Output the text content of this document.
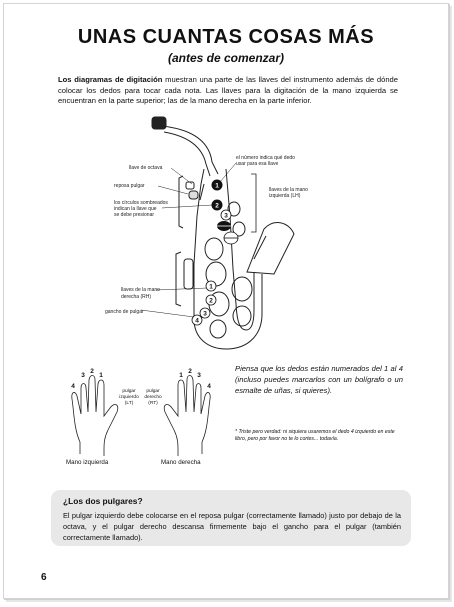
UNAS CUANTAS COSAS MÁS
(antes de comenzar)
Los diagramas de digitación muestran una parte de las llaves del instrumento además de dónde colocar los dedos para tocar cada nota. Las llaves para la digitación de la mano izquierda se encuentran en la parte superior; las de la mano derecha en la parte inferior.
1
2
3
1
2
3
4
llave de octava
reposa pulgar
los círculos sombreados
indican la llave que
se debe presionar
el número indica qué dedo
usar para esa llave
llaves de la mano
izquierda (LH)
llaves de la mano
derecha (RH)
gancho de pulgar
4
3
2
1	1
2
3
4
pulgar izquierdo (LT)
pulgar derecho (RT)
Mano izquierda	Mano derecha
Piensa que los dedos están numerados del 1 al 4 (incluso puedes marcarlos con un bolígrafo o un esmalte de uñas, si quieres).
* Triste pero verdad: ni siquiera usaremos el dedo 4 izquierdo en este libro, pero por favor no te lo cortes... todavía.
¿Los dos pulgares?
El pulgar izquierdo debe colocarse en el reposa pulgar (correctamente llamado) justo por debajo de la octava, y el pulgar derecho descansa firmemente bajo el gancho para el pulgar (también correctamente llamado).
6
